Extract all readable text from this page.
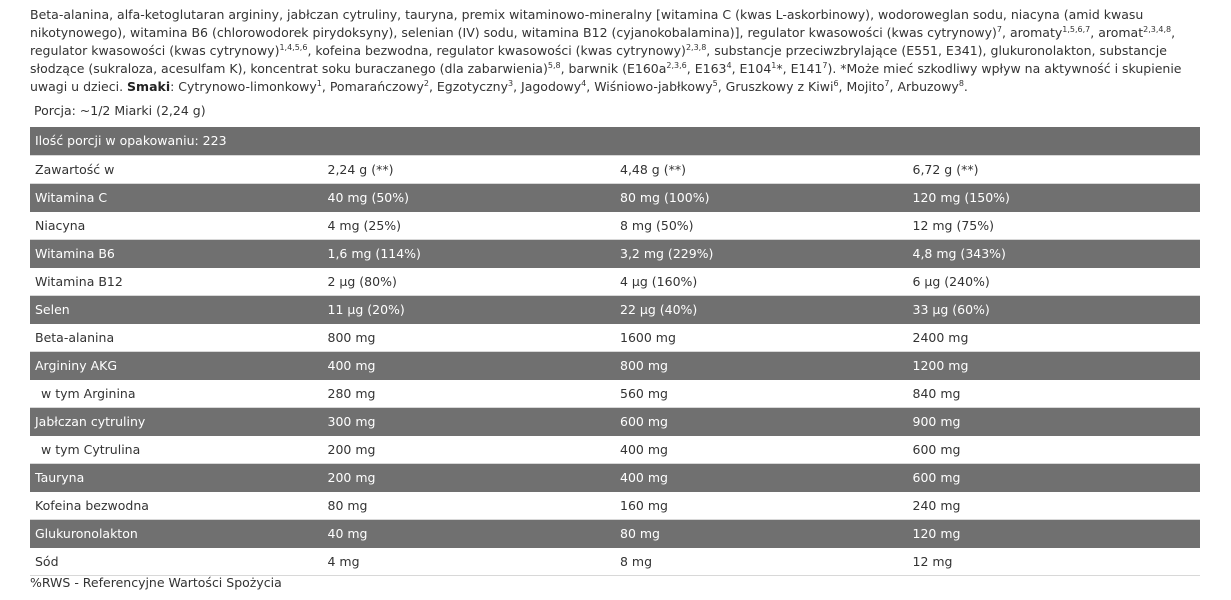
Beta-alanina, alfa-ketoglutaran argininy, jabłczan cytruliny, tauryna, premix witaminowo-mineralny [witamina C (kwas L-askorbinowy), wodoroweglan sodu, niacyna (amid kwasu nikotynowego), witamina B6 (chlorowodorek pirydoksyny), selenian (IV) sodu, witamina B12 (cyjanokobalamina)], regulator kwasowości (kwas cytrynowy)$^7$, aromaty$^{1,5,6,7}$, aromat$^{2,3,4,8}$, regulator kwasowości (kwas cytrynowy)$^{1,4,5,6}$, kofeina bezwodna, regulator kwasowości (kwas cytrynowy)$^{2,3,8}$, substancje przeciwzbrylające (E551, E341), glukuronolakton, substancje słodzące (sukraloza, acesulfam K), koncentrat soku buraczanego (dla zabarwienia)$^{5,8}$, barwnik ($E160a^{2,3,6}$, $E163^4$, $E104^1*$, $E141^7$). *Może mieć szkodliwy wpływ na aktywność i skupienie uwagi u dzieci. Smaki: Cytrynowo-limonkowy$^1$, Pomarańczowy$^2$, Egzotyczny$^3$, Jagodowy$^4$, Wiśniowo-jabłkowy$^5$, Gruszkowy z Kiwi$^6$, Mojito$^7$, Arbuzowy$^8$.
Porcja: ~1/2 Miarki (2,24 g)
Ilość porcji w opakowaniu: 223			
Zawartość w	2,24 g (**)	4,48 g (**)	6,72 g (**)
Witamina C	40 mg (50%)	80 mg (100%)	120 mg (150%)
Niacyna	4 mg (25%)	8 mg (50%)	12 mg (75%)
Witamina B6	1,6 mg (114%)	3,2 mg (229%)	4,8 mg (343%)
Witamina B12	2 µg (80%)	4 µg (160%)	6 µg (240%)
Selen	11 µg (20%)	22 µg (40%)	33 µg (60%)
Beta-alanina	800 mg	1600 mg	2400 mg
Argininy AKG	400 mg	800 mg	1200 mg
w tym Arginina	280 mg	560 mg	840 mg
Jabłczan cytruliny	300 mg	600 mg	900 mg
w tym Cytrulina	200 mg	400 mg	600 mg
Tauryna	200 mg	400 mg	600 mg
Kofeina bezwodna	80 mg	160 mg	240 mg
Glukuronolakton	40 mg	80 mg	120 mg
Sód	4 mg	8 mg	12 mg
%RWS - Referencyjne Wartości Spożycia
